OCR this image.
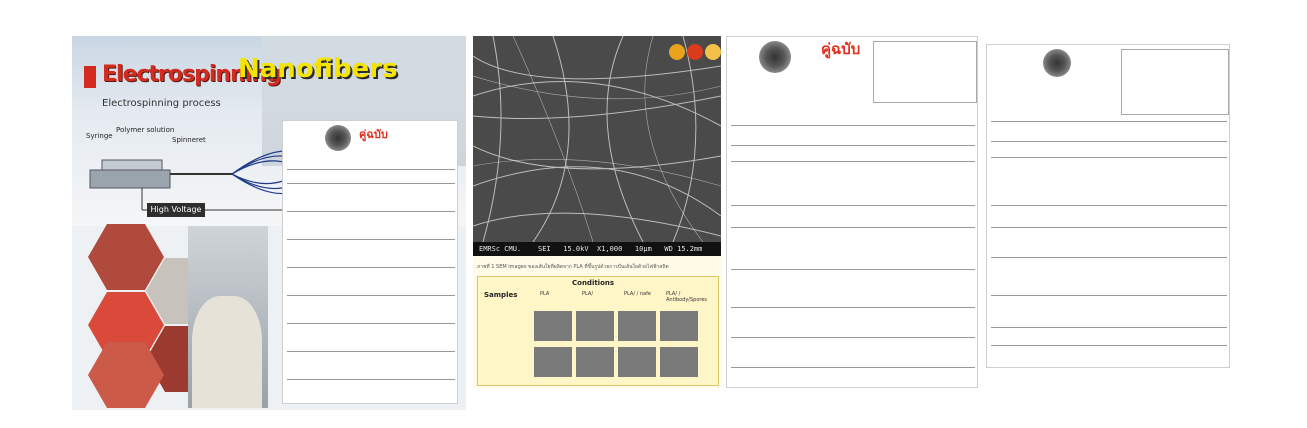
Electrospinning
Nanofibers
Electrospinning process
Syringe
Polymer solution
Spinneret
High Voltage
คู่ฉบับ
EMRSc CMU.    SEI   15.0kV  X1,000   10µm   WD 15.2mm
ภาพที่ 1 SEM images ของเส้นใยที่ผลิตจาก PLA ที่ขึ้นรูปด้วยการปั่นเส้นใยด้วยไฟฟ้าสถิต
Conditions
Samples	PLA	PLA/	PLA/ / nafe	PLA/ / Antibody/Spores
คู่ฉบับ
